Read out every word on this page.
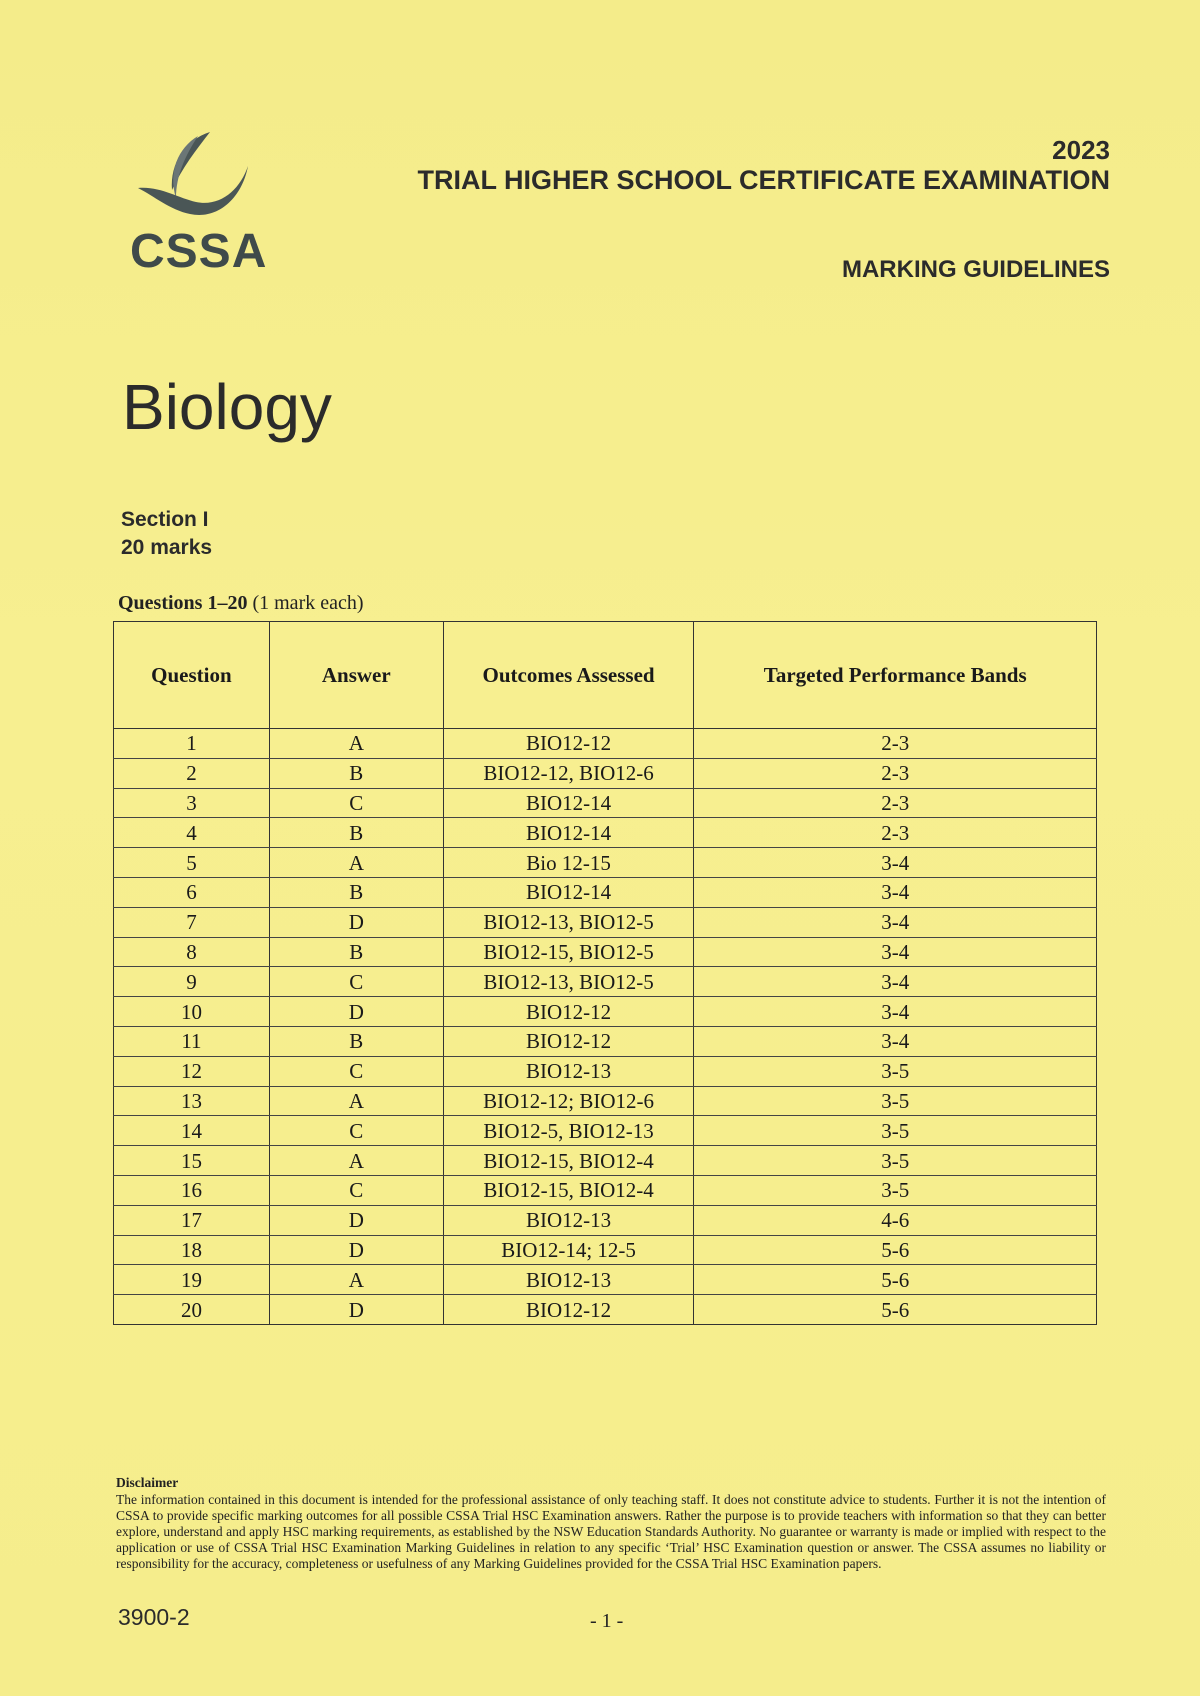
CSSA
2023
TRIAL HIGHER SCHOOL CERTIFICATE EXAMINATION
MARKING GUIDELINES
Biology
Section I
20 marks
Questions 1–20 (1 mark each)
Question	Answer	Outcomes Assessed	Targeted Performance Bands
1	A	BIO12-12	2-3
2	B	BIO12-12, BIO12-6	2-3
3	C	BIO12-14	2-3
4	B	BIO12-14	2-3
5	A	Bio 12-15	3-4
6	B	BIO12-14	3-4
7	D	BIO12-13, BIO12-5	3-4
8	B	BIO12-15, BIO12-5	3-4
9	C	BIO12-13, BIO12-5	3-4
10	D	BIO12-12	3-4
11	B	BIO12-12	3-4
12	C	BIO12-13	3-5
13	A	BIO12-12; BIO12-6	3-5
14	C	BIO12-5, BIO12-13	3-5
15	A	BIO12-15, BIO12-4	3-5
16	C	BIO12-15, BIO12-4	3-5
17	D	BIO12-13	4-6
18	D	BIO12-14; 12-5	5-6
19	A	BIO12-13	5-6
20	D	BIO12-12	5-6
Disclaimer
The information contained in this document is intended for the professional assistance of only teaching staff. It does not constitute advice to students. Further it is not the intention of CSSA to provide specific marking outcomes for all possible CSSA Trial HSC Examination answers. Rather the purpose is to provide teachers with information so that they can better explore, understand and apply HSC marking requirements, as established by the NSW Education Standards Authority. No guarantee or warranty is made or implied with respect to the application or use of CSSA Trial HSC Examination Marking Guidelines in relation to any specific ‘Trial’ HSC Examination question or answer. The CSSA assumes no liability or responsibility for the accuracy, completeness or usefulness of any Marking Guidelines provided for the CSSA Trial HSC Examination papers.
3900-2	- 1 -
